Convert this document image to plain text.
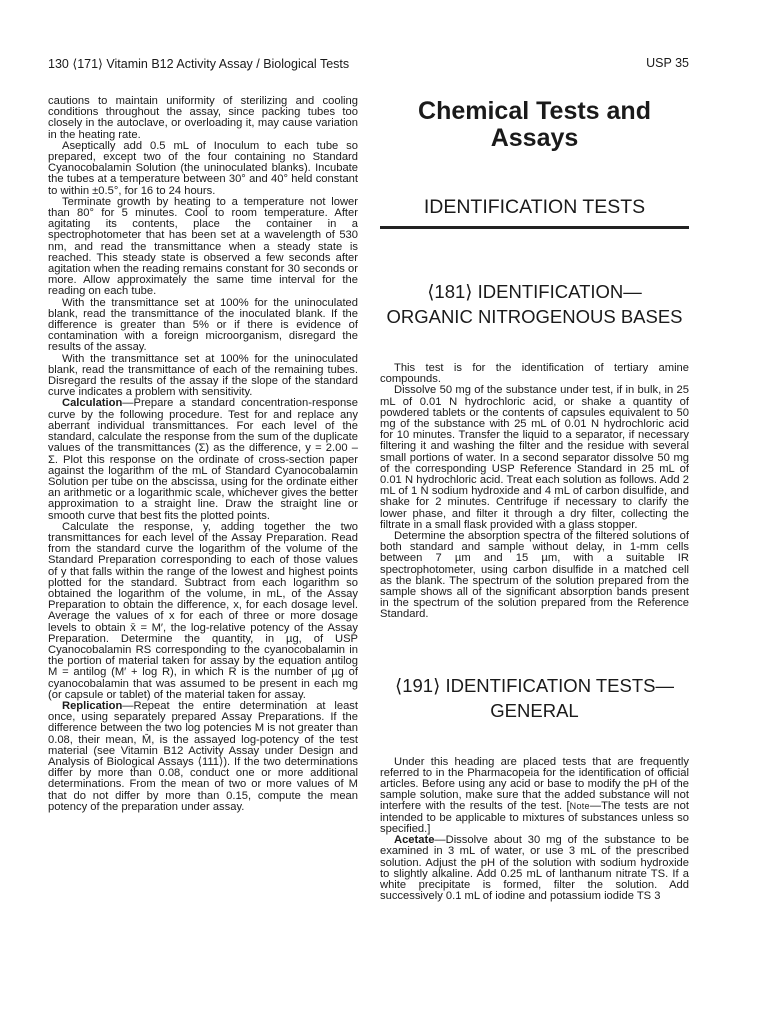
130 ⟨171⟩ Vitamin B12 Activity Assay / Biological Tests	USP 35

cautions to maintain uniformity of sterilizing and cooling conditions throughout the assay, since packing tubes too closely in the autoclave, or overloading it, may cause variation in the heating rate.

Aseptically add 0.5 mL of Inoculum to each tube so prepared, except two of the four containing no Standard Cyanocobalamin Solution (the uninoculated blanks). Incubate the tubes at a temperature between 30° and 40° held constant to within ±0.5°, for 16 to 24 hours.

Terminate growth by heating to a temperature not lower than 80° for 5 minutes. Cool to room temperature. After agitating its contents, place the container in a spectrophotometer that has been set at a wavelength of 530 nm, and read the transmittance when a steady state is reached. This steady state is observed a few seconds after agitation when the reading remains constant for 30 seconds or more. Allow approximately the same time interval for the reading on each tube.

With the transmittance set at 100% for the uninoculated blank, read the transmittance of the inoculated blank. If the difference is greater than 5% or if there is evidence of contamination with a foreign microorganism, disregard the results of the assay.

With the transmittance set at 100% for the uninoculated blank, read the transmittance of each of the remaining tubes. Disregard the results of the assay if the slope of the standard curve indicates a problem with sensitivity.

Calculation—Prepare a standard concentration-response curve by the following procedure. Test for and replace any aberrant individual transmittances. For each level of the standard, calculate the response from the sum of the duplicate values of the transmittances (Σ) as the difference, y = 2.00 – Σ. Plot this response on the ordinate of cross-section paper against the logarithm of the mL of Standard Cyanocobalamin Solution per tube on the abscissa, using for the ordinate either an arithmetic or a logarithmic scale, whichever gives the better approximation to a straight line. Draw the straight line or smooth curve that best fits the plotted points.

Calculate the response, y, adding together the two transmittances for each level of the Assay Preparation. Read from the standard curve the logarithm of the volume of the Standard Preparation corresponding to each of those values of y that falls within the range of the lowest and highest points plotted for the standard. Subtract from each logarithm so obtained the logarithm of the volume, in mL, of the Assay Preparation to obtain the difference, x, for each dosage level. Average the values of x for each of three or more dosage levels to obtain x̄ = M′, the log-relative potency of the Assay Preparation. Determine the quantity, in µg, of USP Cyanocobalamin RS corresponding to the cyanocobalamin in the portion of material taken for assay by the equation antilog M = antilog (M′ + log R), in which R is the number of µg of cyanocobalamin that was assumed to be present in each mg (or capsule or tablet) of the material taken for assay.

Replication—Repeat the entire determination at least once, using separately prepared Assay Preparations. If the difference between the two log potencies M is not greater than 0.08, their mean, M̄, is the assayed log-potency of the test material (see Vitamin B12 Activity Assay under Design and Analysis of Biological Assays ⟨111⟩). If the two determinations differ by more than 0.08, conduct one or more additional determinations. From the mean of two or more values of M that do not differ by more than 0.15, compute the mean potency of the preparation under assay.

Chemical Tests and
Assays
IDENTIFICATION TESTS
⟨181⟩ IDENTIFICATION—
ORGANIC NITROGENOUS BASES

This test is for the identification of tertiary amine compounds.

Dissolve 50 mg of the substance under test, if in bulk, in 25 mL of 0.01 N hydrochloric acid, or shake a quantity of powdered tablets or the contents of capsules equivalent to 50 mg of the substance with 25 mL of 0.01 N hydrochloric acid for 10 minutes. Transfer the liquid to a separator, if necessary filtering it and washing the filter and the residue with several small portions of water. In a second separator dissolve 50 mg of the corresponding USP Reference Standard in 25 mL of 0.01 N hydrochloric acid. Treat each solution as follows. Add 2 mL of 1 N sodium hydroxide and 4 mL of carbon disulfide, and shake for 2 minutes. Centrifuge if necessary to clarify the lower phase, and filter it through a dry filter, collecting the filtrate in a small flask provided with a glass stopper.

Determine the absorption spectra of the filtered solutions of both standard and sample without delay, in 1-mm cells between 7 µm and 15 µm, with a suitable IR spectrophotometer, using carbon disulfide in a matched cell as the blank. The spectrum of the solution prepared from the sample shows all of the significant absorption bands present in the spectrum of the solution prepared from the Reference Standard.

⟨191⟩ IDENTIFICATION TESTS—
GENERAL

Under this heading are placed tests that are frequently referred to in the Pharmacopeia for the identification of official articles. Before using any acid or base to modify the pH of the sample solution, make sure that the added substance will not interfere with the results of the test. [Note—The tests are not intended to be applicable to mixtures of substances unless so specified.]

Acetate—Dissolve about 30 mg of the substance to be examined in 3 mL of water, or use 3 mL of the prescribed solution. Adjust the pH of the solution with sodium hydroxide to slightly alkaline. Add 0.25 mL of lanthanum nitrate TS. If a white precipitate is formed, filter the solution. Add successively 0.1 mL of iodine and potassium iodide TS 3
